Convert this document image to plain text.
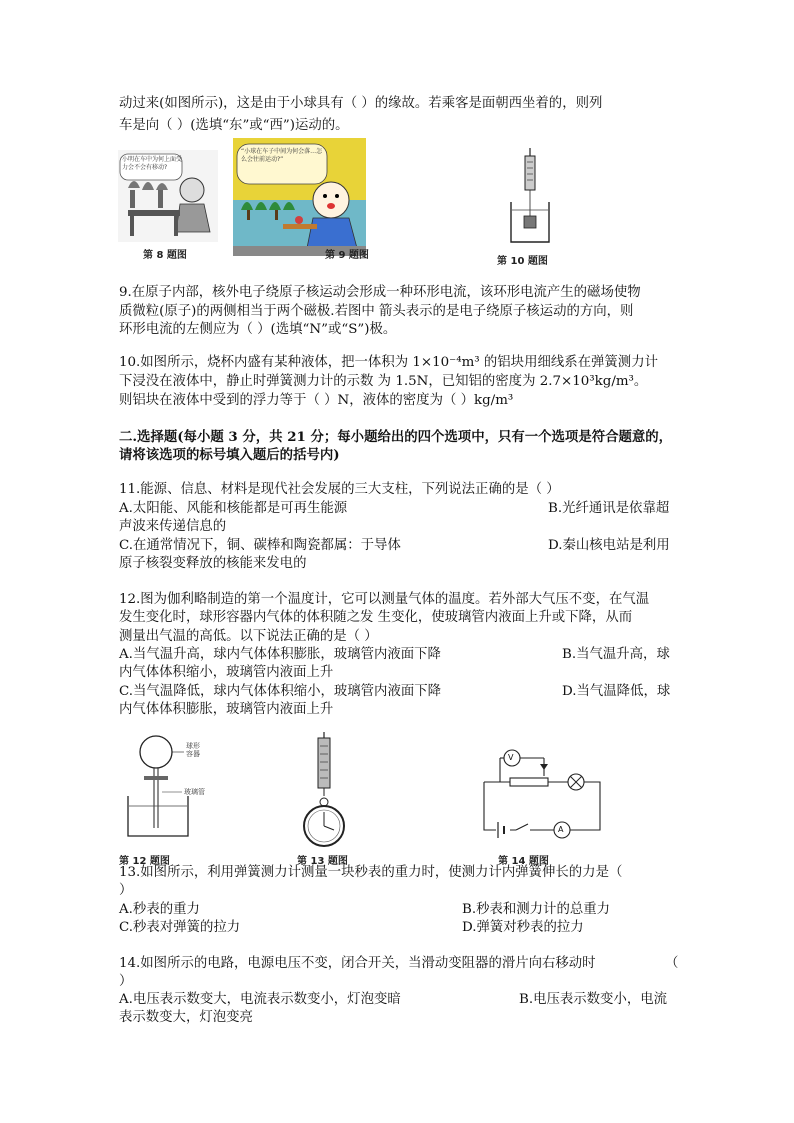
动过来(如图所示)，这是由于小球具有（ ）的缘故。若乘客是面朝西坐着的，则列
车是向（ ）(选填“东”或“西”)运动的。
小明在车中为何上面受力会不会有移动?
第 8 题图
“小球在车子中间为何会落…怎么会往前运动?”
第 9 题图
第 10 题图
9.在原子内部，核外电子绕原子核运动会形成一种环形电流，该环形电流产生的磁场使物
质微粒(原子)的两侧相当于两个磁极.若图中 箭头表示的是电子绕原子核运动的方向，则
环形电流的左侧应为（ ）(选填“N”或“S”)极。
10.如图所示，烧杯内盛有某种液体，把一体积为 1×10⁻⁴m³ 的铝块用细线系在弹簧测力计
下浸没在液体中，静止时弹簧测力计的示数 为 1.5N，已知铝的密度为 2.7×10³kg/m³。
则铝块在液体中受到的浮力等于（ ）N，液体的密度为（ ）kg/m³
二.选择题(每小题 3 分，共 21 分；每小题给出的四个选项中，只有一个选项是符合题意的，
请将该选项的标号填入题后的括号内)
11.能源、信息、材料是现代社会发展的三大支柱，下列说法正确的是（ ）
A.太阳能、风能和核能都是可再生能源	B.光纤通讯是依靠超
声波来传递信息的
C.在通常情况下，铜、碳棒和陶瓷都属：于导体	D.秦山核电站是利用
原子核裂变释放的核能来发电的
12.图为伽利略制造的第一个温度计，它可以测量气体的温度。若外部大气压不变，在气温
发生变化时，球形容器内气体的体积随之发 生变化，使玻璃管内液面上升或下降，从而
测量出气温的高低。以下说法正确的是（ ）
A.当气温升高，球内气体体积膨胀，玻璃管内液面下降	B.当气温升高，球
内气体体积缩小，玻璃管内液面上升
C.当气温降低，球内气体体积缩小，玻璃管内液面下降	D.当气温降低，球
内气体体积膨胀，玻璃管内液面上升
球形
容器
玻璃管
第 12 题图	第 13 题图
V
A
第 14 题图
13.如图所示，利用弹簧测力计测量一块秒表的重力时，使测力计内弹簧伸长的力是（
）
A.秒表的重力	B.秒表和测力计的总重力
C.秒表对弹簧的拉力	D.弹簧对秒表的拉力
14.如图所示的电路，电源电压不变，闭合开关，当滑动变阻器的滑片向右移动时	（
）
A.电压表示数变大，电流表示数变小，灯泡变暗	B.电压表示数变小，电流
表示数变大，灯泡变亮
